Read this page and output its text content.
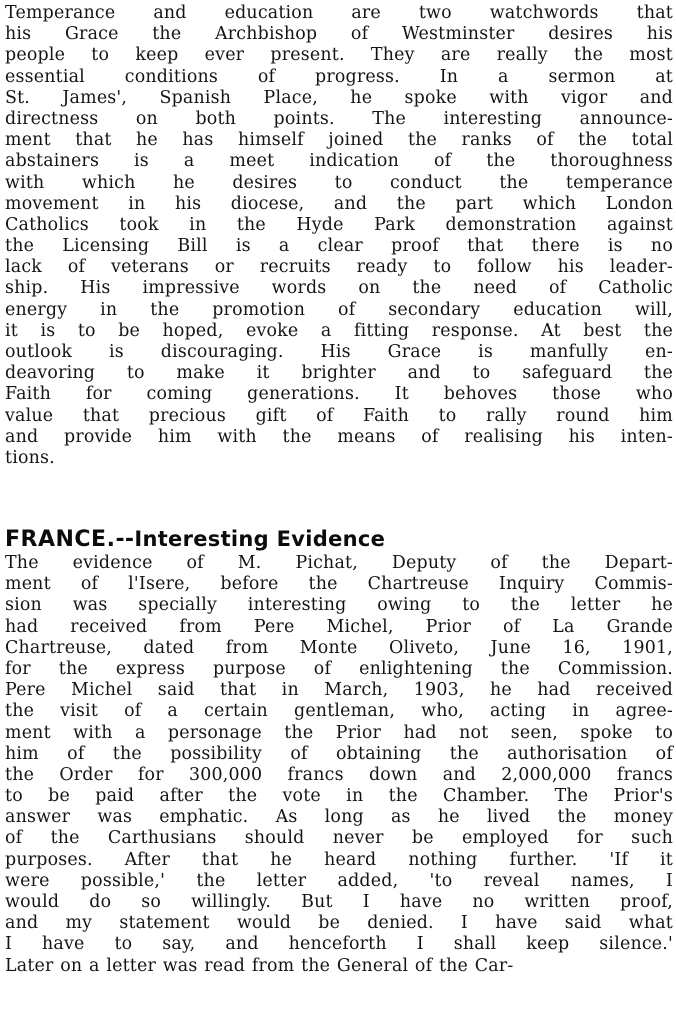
Temperance and education are two watchwords that
his Grace the Archbishop of Westminster desires his
people to keep ever present. They are really the most
essential conditions of progress. In a sermon at
St. James', Spanish Place, he spoke with vigor and
directness on both points. The interesting announce-
ment that he has himself joined the ranks of the total
abstainers is a meet indication of the thoroughness
with which he desires to conduct the temperance
movement in his diocese, and the part which London
Catholics took in the Hyde Park demonstration against
the Licensing Bill is a clear proof that there is no
lack of veterans or recruits ready to follow his leader-
ship. His impressive words on the need of Catholic
energy in the promotion of secondary education will,
it is to be hoped, evoke a fitting response. At best the
outlook is discouraging. His Grace is manfully en-
deavoring to make it brighter and to safeguard the
Faith for coming generations. It behoves those who
value that precious gift of Faith to rally round him
and provide him with the means of realising his inten-
tions.
FRANCE.--Interesting Evidence
The evidence of M. Pichat, Deputy of the Depart-
ment of l'Isere, before the Chartreuse Inquiry Commis-
sion was specially interesting owing to the letter he
had received from Pere Michel, Prior of La Grande
Chartreuse, dated from Monte Oliveto, June 16, 1901,
for the express purpose of enlightening the Commission.
Pere Michel said that in March, 1903, he had received
the visit of a certain gentleman, who, acting in agree-
ment with a personage the Prior had not seen, spoke to
him of the possibility of obtaining the authorisation of
the Order for 300,000 francs down and 2,000,000 francs
to be paid after the vote in the Chamber. The Prior's
answer was emphatic. As long as he lived the money
of the Carthusians should never be employed for such
purposes. After that he heard nothing further. 'If it
were possible,' the letter added, 'to reveal names, I
would do so willingly. But I have no written proof,
and my statement would be denied. I have said what
I have to say, and henceforth I shall keep silence.'
Later on a letter was read from the General of the Car-
